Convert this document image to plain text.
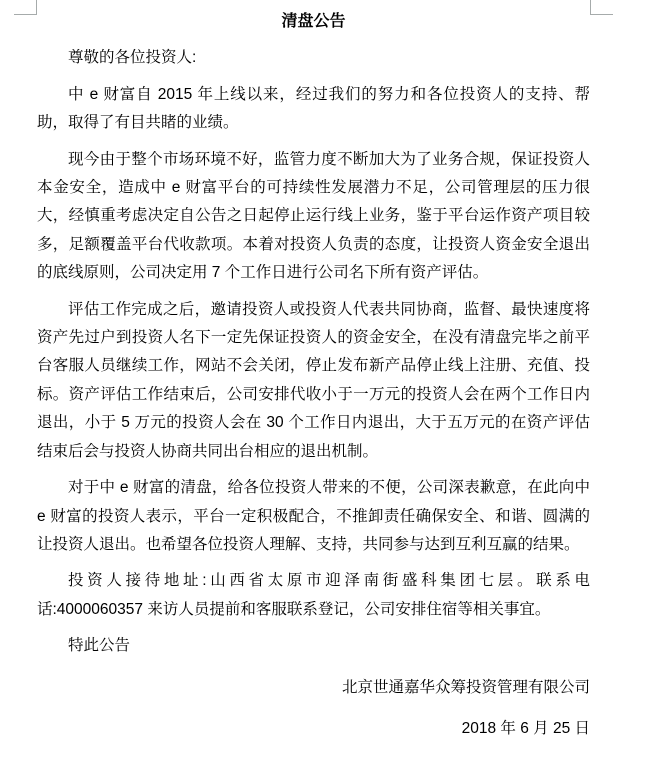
清盘公告

尊敬的各位投资人:

中 e 财富自 2015 年上线以来，经过我们的努力和各位投资人的支持、帮助，取得了有目共睹的业绩。

现今由于整个市场环境不好，监管力度不断加大为了业务合规，保证投资人本金安全，造成中 e 财富平台的可持续性发展潜力不足，公司管理层的压力很大，经慎重考虑决定自公告之日起停止运行线上业务，鉴于平台运作资产项目较多，足额覆盖平台代收款项。本着对投资人负责的态度，让投资人资金安全退出的底线原则，公司决定用 7 个工作日进行公司名下所有资产评估。

评估工作完成之后，邀请投资人或投资人代表共同协商，监督、最快速度将资产先过户到投资人名下一定先保证投资人的资金安全，在没有清盘完毕之前平台客服人员继续工作，网站不会关闭，停止发布新产品停止线上注册、充值、投标。资产评估工作结束后，公司安排代收小于一万元的投资人会在两个工作日内退出，小于 5 万元的投资人会在 30 个工作日内退出，大于五万元的在资产评估结束后会与投资人协商共同出台相应的退出机制。

对于中 e 财富的清盘，给各位投资人带来的不便，公司深表歉意，在此向中 e 财富的投资人表示，平台一定积极配合，不推卸责任确保安全、和谐、圆满的让投资人退出。也希望各位投资人理解、支持，共同参与达到互利互赢的结果。

投资人接待地址:山西省太原市迎泽南街盛科集团七层。联系电话:4000060357 来访人员提前和客服联系登记，公司安排住宿等相关事宜。

特此公告

北京世通嘉华众筹投资管理有限公司

2018 年 6 月 25 日
